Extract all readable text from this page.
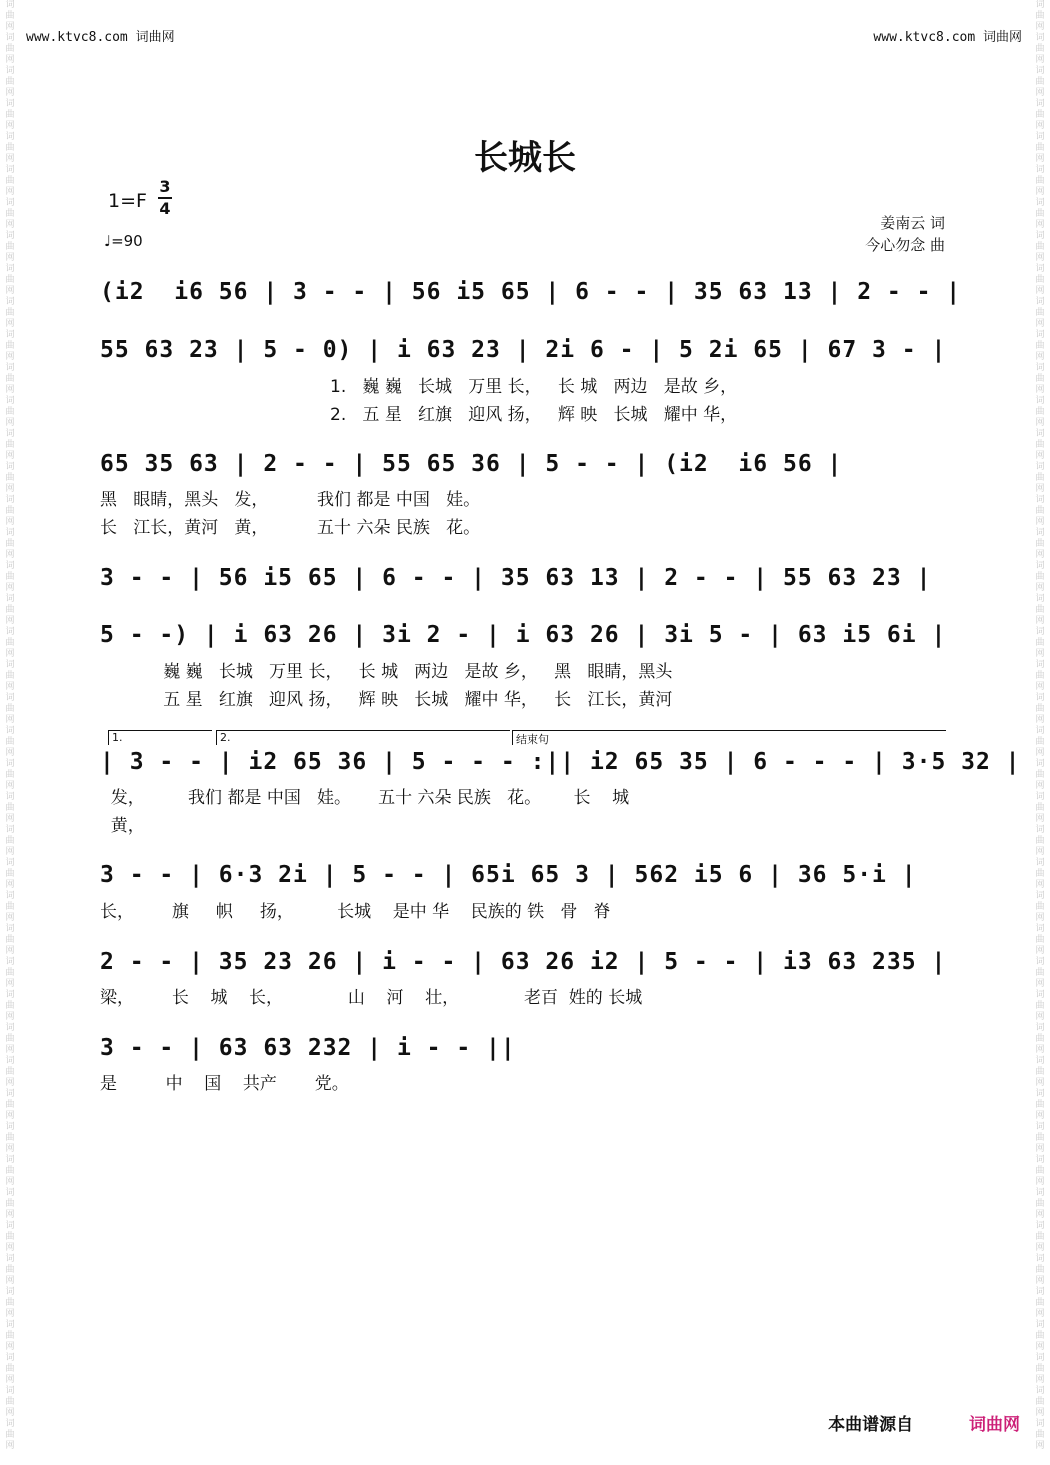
词
曲
网
词
曲
网
词
曲
网
词
曲
网
词
曲
网
词
曲
网
词
曲
网
词
曲
网
词
曲
网
词
曲
网
词
曲
网
词
曲
网
词
曲
网
词
曲
网
词
曲
网
词
曲
网
词
曲
网
词
曲
网
词
曲
网
词
曲
网
词
曲
网
词
曲
网
词
曲
网
词
曲
网
词
曲
网
词
曲
网
词
曲
网
词
曲
网
词
曲
网
词
曲
网
词
曲
网
词
曲
网
词
曲
网
词
曲
网
词
曲
网
词
曲
网
词
曲
网
词
曲
网
词
曲
网
词
曲
网
词
曲
网
词
曲
网
词
曲
网
词
曲
网
词
曲
网
词
曲
网
词
曲
网
词
曲
网
词
曲
网
词
曲
网
词
曲
网
词
曲
网
词
曲
网
词
曲
网
词
曲
网
词
曲
网
词
曲
网
词
曲
网
词
曲
网
词
曲
网
词
曲
网
词
曲
网
词
曲
网
词
曲
网
词
曲
网
词
曲
网
词
曲
网
词
曲
网
词
曲
网
词
曲
网
词
曲
网
词
曲
网
词
曲
网
词
曲
网
词
曲
网
词
曲
网
词
曲
网
词
曲
网
词
曲
网
词
曲
网
词
曲
网
词
曲
网
词
曲
网
词
曲
网
词
曲
网
词
曲
网
词
曲
网
词
曲
网
www.ktvc8.com 词曲网	www.ktvc8.com 词曲网
长城长
1=F
3
4
♩=90
姜南云 词
今心勿念 曲
(i2  i6 56 | 3 - - | 56 i5 65 | 6 - - | 35 63 13 | 2 - - |
55 63 23 | 5 - 0) | i 63 23 | 2i 6 - | 5 2i 65 | 67 3 - |
1.   巍 巍   长城   万里 长，   长 城   两边   是故 乡，
2.   五 星   红旗   迎风 扬，   辉 映   长城   耀中 华，
65 35 63 | 2 - - | 55 65 36 | 5 - - | (i2  i6 56 |
黑   眼睛，黑头   发，         我们 都是 中国   娃。
长   江长，黄河   黄，         五十 六朵 民族   花。
3 - - | 56 i5 65 | 6 - - | 35 63 13 | 2 - - | 55 63 23 |
5 - -) | i 63 26 | 3i 2 - | i 63 26 | 3i 5 - | 63 i5 6i |
巍 巍   长城   万里 长，   长 城   两边   是故 乡，   黑   眼睛，黑头
五 星   红旗   迎风 扬，   辉 映   长城   耀中 华，   长   江长，黄河
1.	2.	结束句
| 3 - - | i2 65 36 | 5 - - - :|| i2 65 35 | 6 - - - | 3·5 32 |
发，        我们 都是 中国   娃。     五十 六朵 民族   花。      长    城
黄，
3 - - | 6·3 2i | 5 - - | 65i 65 3 | 562 i5 6 | 36 5·i |
长，       旗     帜     扬，        长城    是中 华    民族的 铁   骨   脊
2 - - | 35 23 26 | i - - | 63 26 i2 | 5 - - | i3 63 235 |
梁，       长    城    长，            山    河    壮，            老百  姓的 长城
3 - - | 63 63 232 | i - - ||
是         中    国    共产       党。
本曲谱源自	词曲网
